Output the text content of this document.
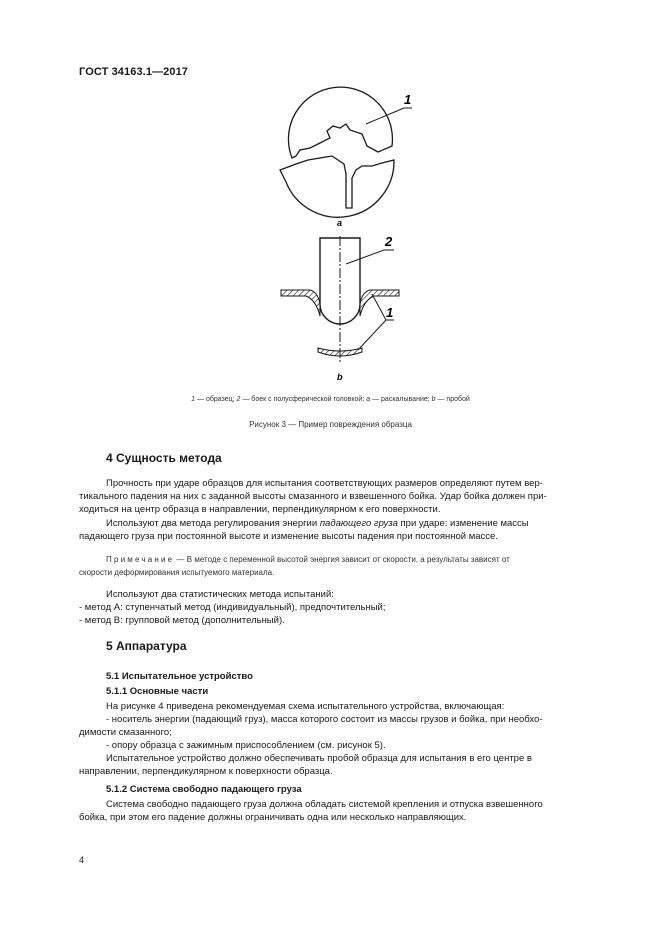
ГОСТ 34163.1—2017
1
a
2
1
b
1 — образец; 2 — боек с полусферической головкой; a — раскалывание; b — пробой
Рисунок 3 — Пример повреждения образца
4 Сущность метода
Прочность при ударе образцов для испытания соответствующих размеров определяют путем вер-
тикального падения на них с заданной высоты смазанного и взвешенного бойка. Удар бойка должен при-
ходиться на центр образца в направлении, перпендикулярном к его поверхности.
Используют два метода регулирования энергии падающего груза при ударе: изменение массы
падающего груза при постоянной высоте и изменение высоты падения при постоянной массе.
Примечание — В методе с переменной высотой энергия зависит от скорости, а результаты зависят от
скорости деформирования испытуемого материала.
Используют два статистических метода испытаний:
- метод А: ступенчатый метод (индивидуальный), предпочтительный;
- метод В: групповой метод (дополнительный).
5 Аппаратура
5.1 Испытательное устройство
5.1.1 Основные части
На рисунке 4 приведена рекомендуемая схема испытательного устройства, включающая:
- носитель энергии (падающий груз), масса которого состоит из массы грузов и бойка, при необхо-
димости смазанного;
- опору образца с зажимным приспособлением (см. рисунок 5).
Испытательное устройство должно обеспечивать пробой образца для испытания в его центре в
направлении, перпендикулярном к поверхности образца.
5.1.2 Система свободно падающего груза
Система свободно падающего груза должна обладать системой крепления и отпуска взвешенного
бойка, при этом его падение должны ограничивать одна или несколько направляющих.
4
